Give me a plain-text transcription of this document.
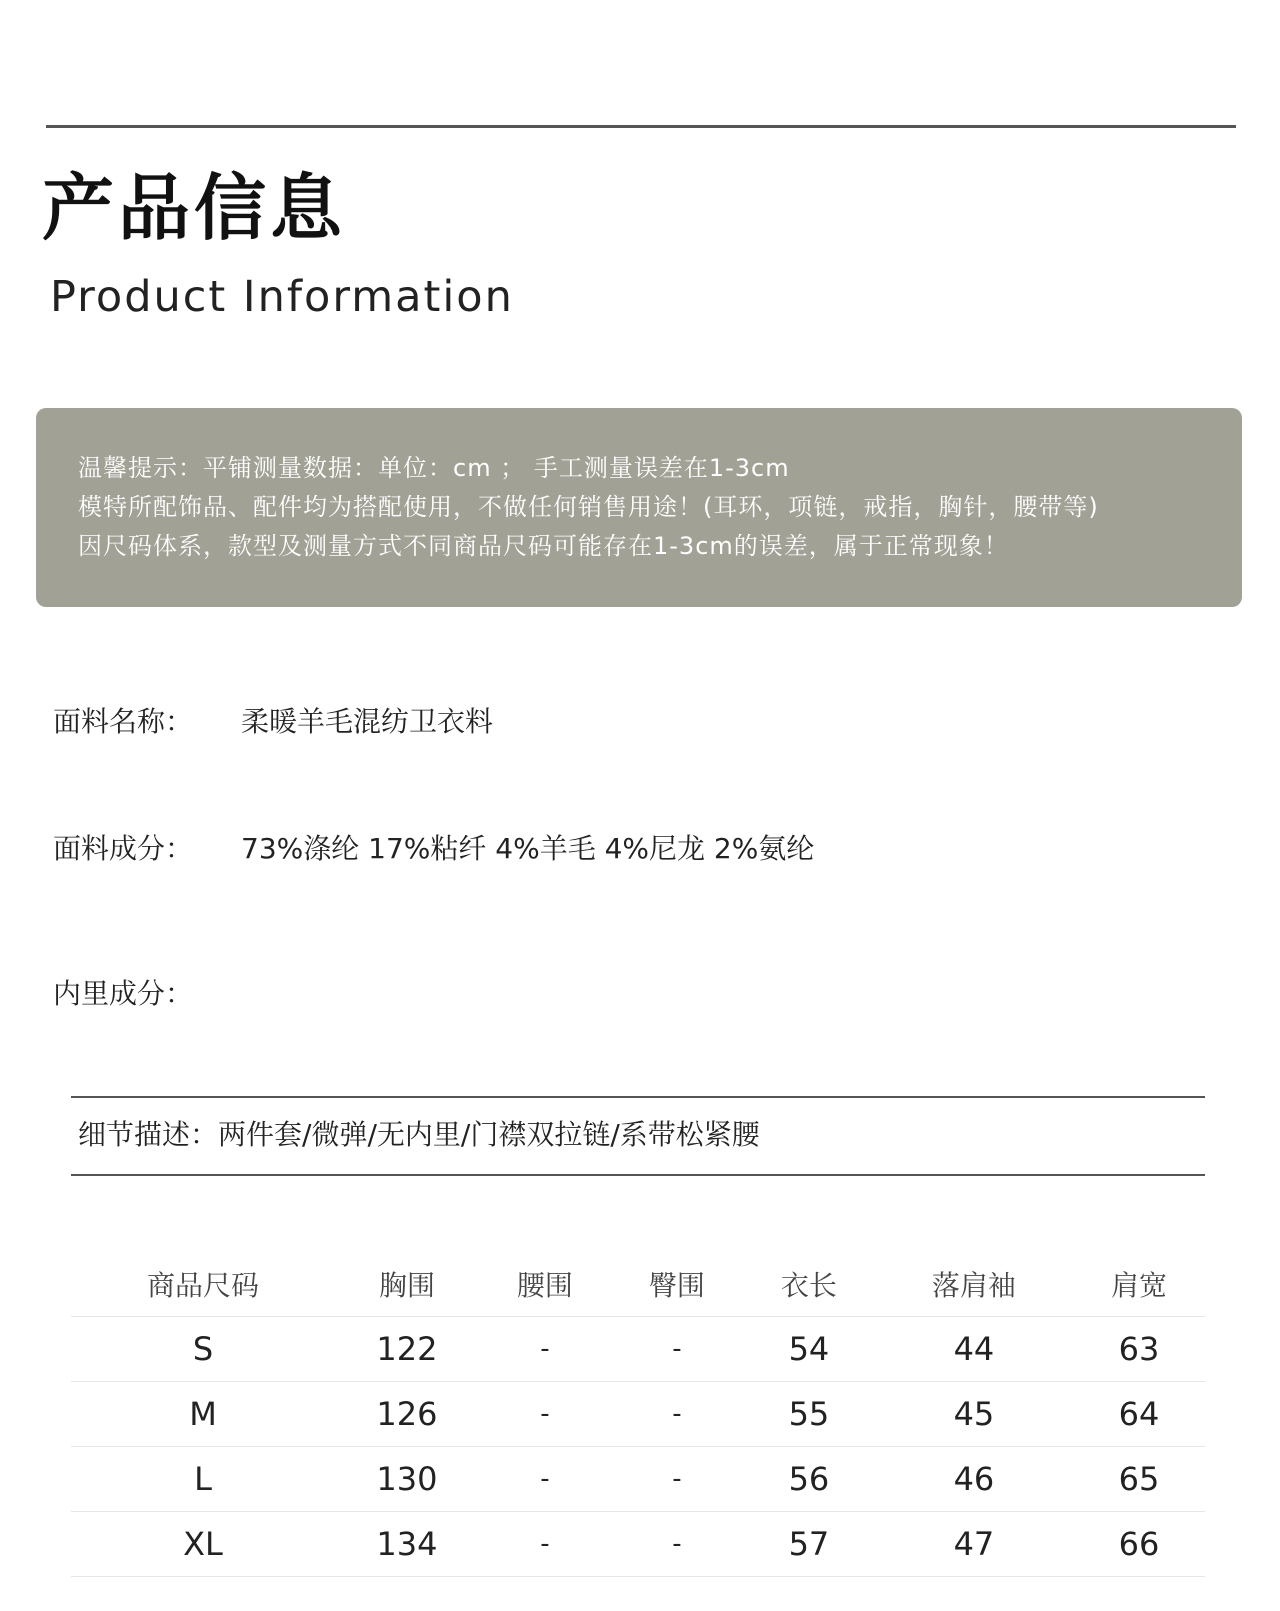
产品信息
Product Information
温馨提示：平铺测量数据：单位：cm ； 手工测量误差在1-3cm
模特所配饰品、配件均为搭配使用，不做任何销售用途！(耳环，项链，戒指，胸针，腰带等)
因尺码体系，款型及测量方式不同商品尺码可能存在1-3cm的误差，属于正常现象！
面料名称： 柔暖羊毛混纺卫衣料
面料成分： 73%涤纶 17%粘纤 4%羊毛 4%尼龙 2%氨纶
内里成分：
细节描述：两件套/微弹/无内里/门襟双拉链/系带松紧腰
商品尺码	胸围	腰围	臀围	衣长	落肩袖	肩宽
S	122	-	-	54	44	63
M	126	-	-	55	45	64
L	130	-	-	56	46	65
XL	134	-	-	57	47	66
